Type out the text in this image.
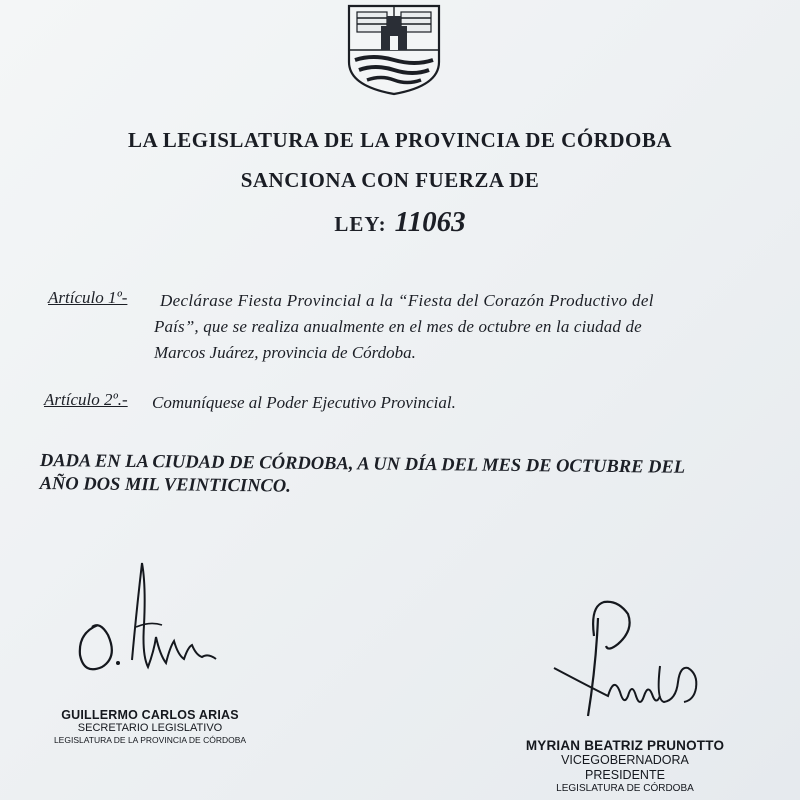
LA LEGISLATURA DE LA PROVINCIA DE CÓRDOBA
SANCIONA CON FUERZA DE
LEY: 11063
Artículo 1º- Declárase Fiesta Provincial a la “Fiesta del Corazón Productivo del
País”, que se realiza anualmente en el mes de octubre en la ciudad de
Marcos Juárez, provincia de Córdoba.
Artículo 2º.- Comuníquese al Poder Ejecutivo Provincial.
DADA EN LA CIUDAD DE CÓRDOBA, A UN DÍA DEL MES DE OCTUBRE DEL
AÑO DOS MIL VEINTICINCO.
GUILLERMO CARLOS ARIAS
SECRETARIO LEGISLATIVO
LEGISLATURA DE LA PROVINCIA DE CÓRDOBA	MYRIAN BEATRIZ PRUNOTTO
VICEGOBERNADORA
PRESIDENTE
LEGISLATURA DE CÓRDOBA
